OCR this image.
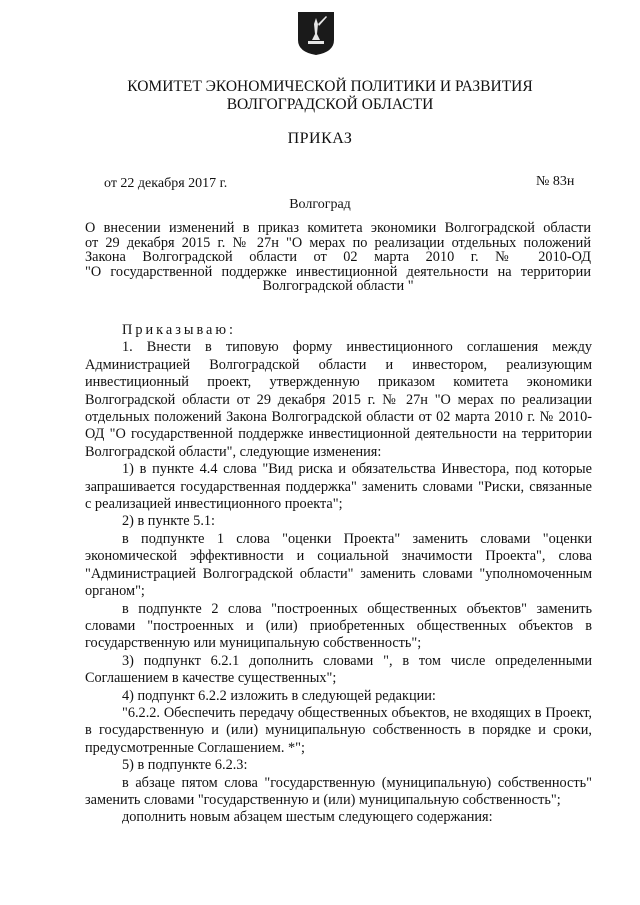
КОМИТЕТ ЭКОНОМИЧЕСКОЙ ПОЛИТИКИ И РАЗВИТИЯ
ВОЛГОГРАДСКОЙ ОБЛАСТИ
ПРИКАЗ
от 22 декабря 2017 г.	№ 83н
Волгоград
О внесении изменений в приказ комитета экономики Волгоградской области
от 29 декабря 2015 г. № 27н "О мерах по реализации отдельных положений
Закона Волгоградской области от 02 марта 2010 г. № 2010-ОД
"О государственной поддержке инвестиционной деятельности на территории
Волгоградской области "

Приказываю:

1. Внести в типовую форму инвестиционного соглашения между Администрацией Волгоградской области и инвестором, реализующим инвестиционный проект, утвержденную приказом комитета экономики Волгоградской области от 29 декабря 2015 г. № 27н "О мерах по реализации отдельных положений Закона Волгоградской области от 02 марта 2010 г. № 2010-ОД "О государственной поддержке инвестиционной деятельности на территории Волгоградской области", следующие изменения:

1) в пункте 4.4 слова "Вид риска и обязательства Инвестора, под которые запрашивается государственная поддержка" заменить словами "Риски, связанные с реализацией инвестиционного проекта";

2) в пункте 5.1:

в подпункте 1 слова "оценки Проекта" заменить словами "оценки экономической эффективности и социальной значимости Проекта", слова "Администрацией Волгоградской области" заменить словами "уполномоченным органом";

в подпункте 2 слова "построенных общественных объектов" заменить словами "построенных и (или) приобретенных общественных объектов в государственную или муниципальную собственность";

3) подпункт 6.2.1 дополнить словами ", в том числе определенными Соглашением в качестве существенных";

4) подпункт 6.2.2 изложить в следующей редакции:

"6.2.2. Обеспечить передачу общественных объектов, не входящих в Проект, в государственную и (или) муниципальную собственность в порядке и сроки, предусмотренные Соглашением. *";

5) в подпункте 6.2.3:

в абзаце пятом слова "государственную (муниципальную) собственность" заменить словами "государственную и (или) муниципальную собственность";

дополнить новым абзацем шестым следующего содержания:
